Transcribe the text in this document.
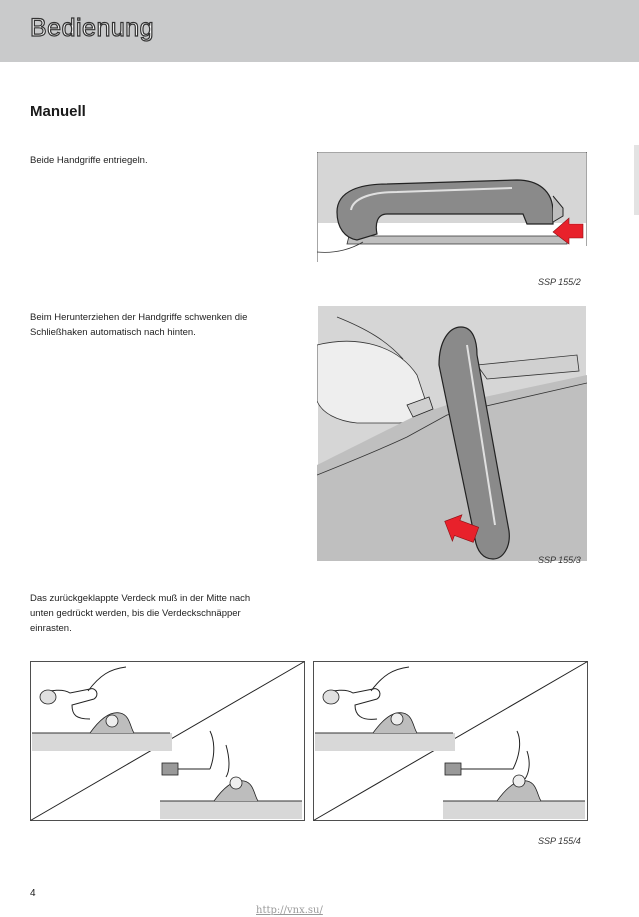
Bedienung
Manuell
Beide Handgriffe entriegeln.
SSP 155/2
Beim Herunterziehen der Handgriffe schwenken die
Schließhaken automatisch nach hinten.
SSP 155/3
Das zurückgeklappte Verdeck muß in der Mitte nach
unten gedrückt werden, bis die Verdeckschnäpper
einrasten.
SSP 155/4
4
http://vnx.su/
